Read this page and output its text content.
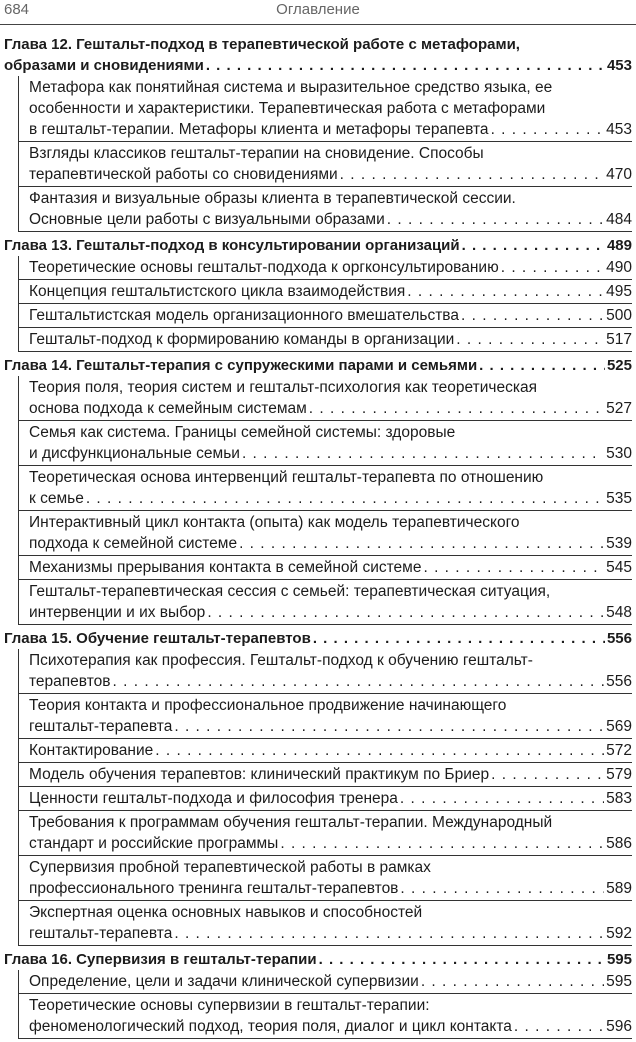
684	Оглавление
Глава 12. Гештальт-подход в терапевтической работе с метафорами,
образами и сновидениями . . .	453
Метафора как понятийная система и выразительное средство языка, ее
особенности и характеристики. Терапевтическая работа с метафорами
в гештальт-терапии. Метафоры клиента и метафоры терапевта . . .	453
Взгляды классиков гештальт-терапии на сновидение. Способы
терапевтической работы со сновидениями . . .	470
Фантазия и визуальные образы клиента в терапевтической сессии.
Основные цели работы с визуальными образами . . .	484
Глава 13. Гештальт-подход в консультировании организаций . . .	489
Теоретические основы гештальт-подхода к оргконсультированию . . .	490
Концепция гештальтистского цикла взаимодействия . . .	495
Гештальтистская модель организационного вмешательства . . .	500
Гештальт-подход к формированию команды в организации . . .	517
Глава 14. Гештальт-терапия с супружескими парами и семьями . . .	525
Теория поля, теория систем и гештальт-психология как теоретическая
основа подхода к семейным системам . . .	527
Семья как система. Границы семейной системы: здоровые
и дисфункциональные семьи . . .	530
Теоретическая основа интервенций гештальт-терапевта по отношению
к семье . . .	535
Интерактивный цикл контакта (опыта) как модель терапевтического
подхода к семейной системе . . .	539
Механизмы прерывания контакта в семейной системе . . .	545
Гештальт-терапевтическая сессия с семьей: терапевтическая ситуация,
интервенции и их выбор . . .	548
Глава 15. Обучение гештальт-терапевтов . . .	556
Психотерапия как профессия. Гештальт-подход к обучению гештальт-
терапевтов . . .	556
Теория контакта и профессиональное продвижение начинающего
гештальт-терапевта . . .	569
Контактирование . . .	572
Модель обучения терапевтов: клинический практикум по Бриер . . .	579
Ценности гештальт-подхода и философия тренера . . .	583
Требования к программам обучения гештальт-терапии. Международный
стандарт и российские программы . . .	586
Супервизия пробной терапевтической работы в рамках
профессионального тренинга гештальт-терапевтов . . .	589
Экспертная оценка основных навыков и способностей
гештальт-терапевта . . .	592
Глава 16. Супервизия в гештальт-терапии . . .	595
Определение, цели и задачи клинической супервизии . . .	595
Теоретические основы супервизии в гештальт-терапии:
феноменологический подход, теория поля, диалог и цикл контакта . . .	596
